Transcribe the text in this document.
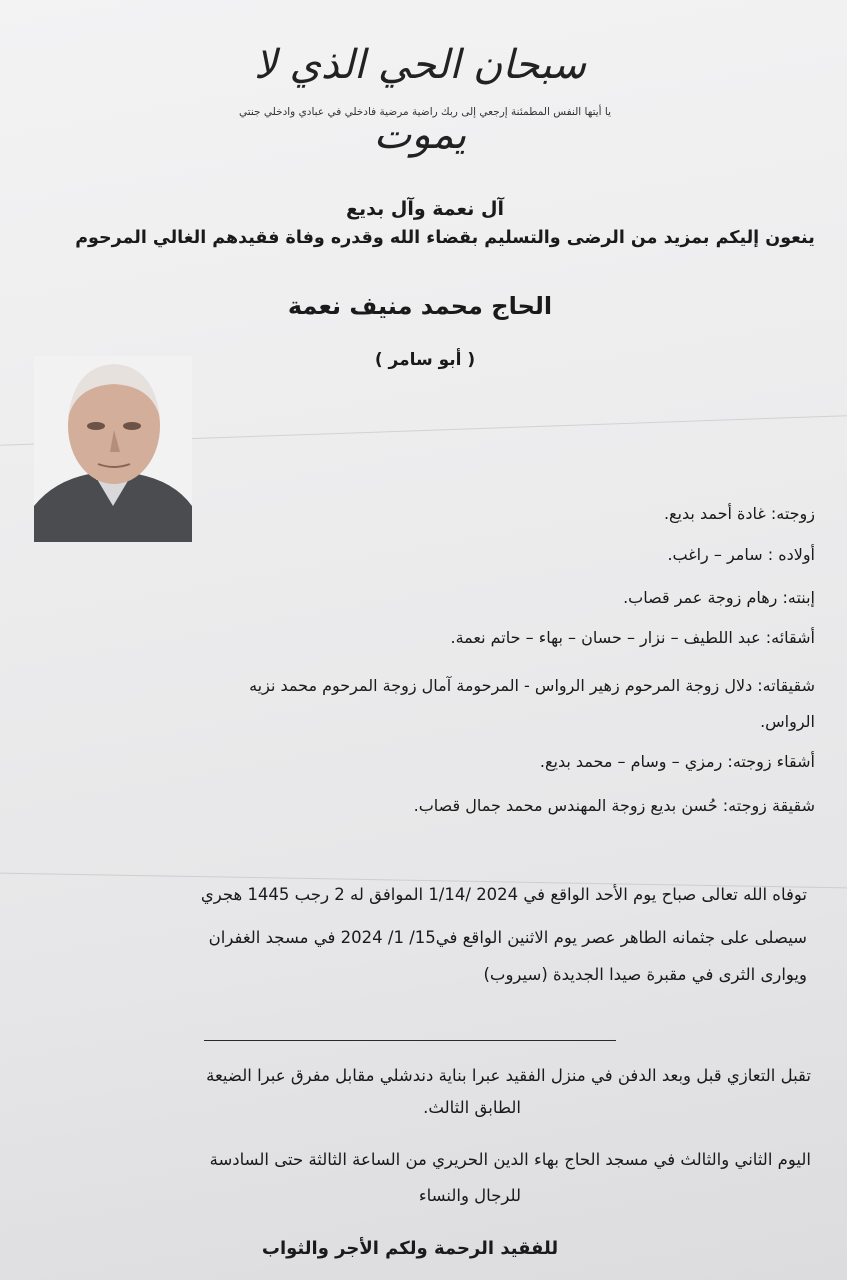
سبحان الحي الذي لا يموت
يا أيتها النفس المطمئنة إرجعي إلى ربك راضية مرضية فادخلي في عبادي وادخلي جنتي
آل نعمة وآل بديع
ينعون إليكم بمزيد من الرضى والتسليم بقضاء الله وقدره وفاة فقيدهم الغالي المرحوم
الحاج محمد منيف نعمة
( أبو سامر )
زوجته: غادة أحمد بديع.
أولاده : سامر – راغب.
إبنته: رهام زوجة عمر قصاب.
أشقائه: عبد اللطيف – نزار – حسان – بهاء – حاتم نعمة.
شقيقاته: دلال زوجة المرحوم زهير الرواس - المرحومة آمال زوجة المرحوم محمد نزيه
الرواس.
أشقاء زوجته: رمزي – وسام – محمد بديع.
شقيقة زوجته: حُسن بديع زوجة المهندس محمد جمال قصاب.
توفاه الله تعالى صباح يوم الأحد الواقع في 2024 /1/14 الموافق له 2 رجب 1445 هجري
سيصلى على جثمانه الطاهر عصر يوم الاثنين الواقع في15/ 1/ 2024 في مسجد الغفران
ويوارى الثرى في مقبرة صيدا الجديدة (سيروب)
تقبل التعازي قبل وبعد الدفن في منزل الفقيد عبرا بناية دندشلي مقابل مفرق عبرا الضيعة
الطابق الثالث.
اليوم الثاني والثالث في مسجد الحاج بهاء الدين الحريري من الساعة الثالثة حتى السادسة
للرجال والنساء
للفقيد الرحمة ولكم الأجر والثواب
